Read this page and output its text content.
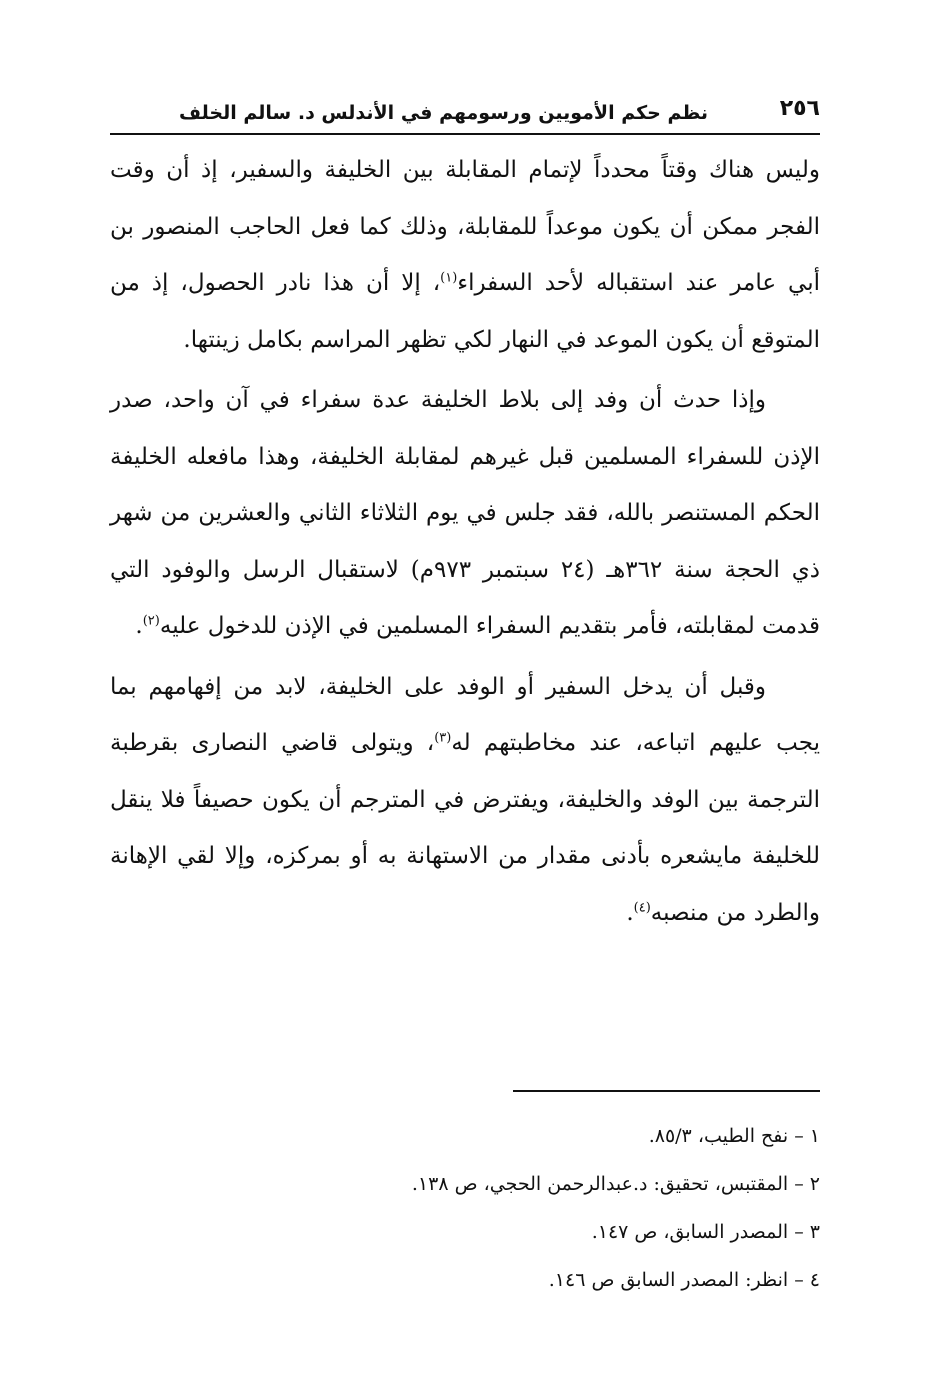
٢٥٦
نظم حكم الأمويين ورسومهم في الأندلس د. سالم الخلف

وليس هناك وقتاً محدداً لإتمام المقابلة بين الخليفة والسفير، إذ أن وقت الفجر ممكن أن يكون موعداً للمقابلة، وذلك كما فعل الحاجب المنصور بن أبي عامر عند استقباله لأحد السفراء$^{(١)}$، إلا أن هذا نادر الحصول، إذ من المتوقع أن يكون الموعد في النهار لكي تظهر المراسم بكامل زينتها.

وإذا حدث أن وفد إلى بلاط الخليفة عدة سفراء في آن واحد، صدر الإذن للسفراء المسلمين قبل غيرهم لمقابلة الخليفة، وهذا مافعله الخليفة الحكم المستنصر بالله، فقد جلس في يوم الثلاثاء الثاني والعشرين من شهر ذي الحجة سنة ٣٦٢هـ (٢٤ سبتمبر ٩٧٣م) لاستقبال الرسل والوفود التي قدمت لمقابلته، فأمر بتقديم السفراء المسلمين في الإذن للدخول عليه$^{(٢)}$.

وقبل أن يدخل السفير أو الوفد على الخليفة، لابد من إفهامهم بما يجب عليهم اتباعه، عند مخاطبتهم له$^{(٣)}$، ويتولى قاضي النصارى بقرطبة الترجمة بين الوفد والخليفة، ويفترض في المترجم أن يكون حصيفاً فلا ينقل للخليفة مايشعره بأدنى مقدار من الاستهانة به أو بمركزه، وإلا لقي الإهانة والطرد من منصبه$^{(٤)}$.

١ – نفح الطيب، ٨٥/٣.
٢ – المقتبس، تحقيق: د.عبدالرحمن الحجي، ص ١٣٨.
٣ – المصدر السابق، ص ١٤٧.
٤ – انظر: المصدر السابق ص ١٤٦.
